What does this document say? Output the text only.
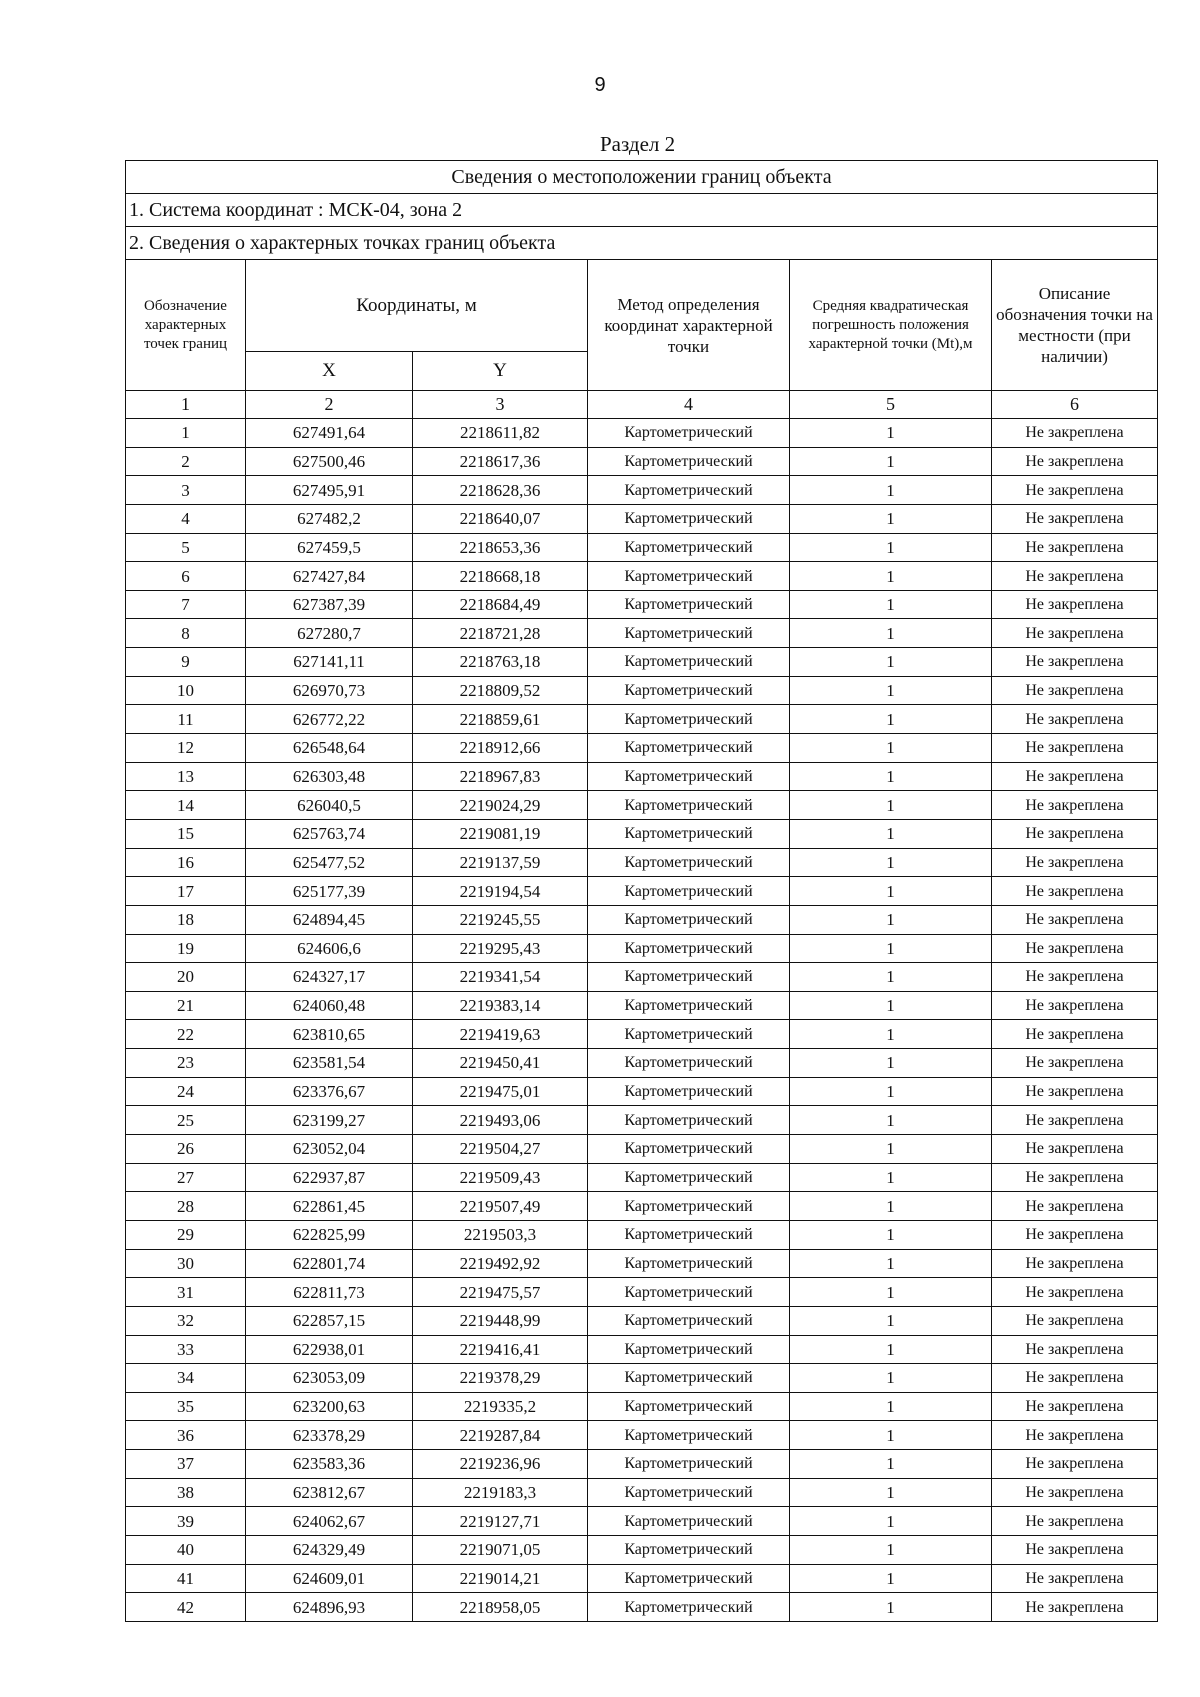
9
Раздел 2
Сведения о местоположении границ объекта					
1. Система координат : МСК-04, зона 2					
2. Сведения о характерных точках границ объекта					
Обозначение характерных точек границ	Координаты, м		Метод определения координат характерной точки	Средняя квадратическая погрешность положения характерной точки (Mt),м	Описание обозначения точки на местности (при наличии)
	X	Y			
1	2	3	4	5	6
1	627491,64	2218611,82	Картометрический	1	Не закреплена
2	627500,46	2218617,36	Картометрический	1	Не закреплена
3	627495,91	2218628,36	Картометрический	1	Не закреплена
4	627482,2	2218640,07	Картометрический	1	Не закреплена
5	627459,5	2218653,36	Картометрический	1	Не закреплена
6	627427,84	2218668,18	Картометрический	1	Не закреплена
7	627387,39	2218684,49	Картометрический	1	Не закреплена
8	627280,7	2218721,28	Картометрический	1	Не закреплена
9	627141,11	2218763,18	Картометрический	1	Не закреплена
10	626970,73	2218809,52	Картометрический	1	Не закреплена
11	626772,22	2218859,61	Картометрический	1	Не закреплена
12	626548,64	2218912,66	Картометрический	1	Не закреплена
13	626303,48	2218967,83	Картометрический	1	Не закреплена
14	626040,5	2219024,29	Картометрический	1	Не закреплена
15	625763,74	2219081,19	Картометрический	1	Не закреплена
16	625477,52	2219137,59	Картометрический	1	Не закреплена
17	625177,39	2219194,54	Картометрический	1	Не закреплена
18	624894,45	2219245,55	Картометрический	1	Не закреплена
19	624606,6	2219295,43	Картометрический	1	Не закреплена
20	624327,17	2219341,54	Картометрический	1	Не закреплена
21	624060,48	2219383,14	Картометрический	1	Не закреплена
22	623810,65	2219419,63	Картометрический	1	Не закреплена
23	623581,54	2219450,41	Картометрический	1	Не закреплена
24	623376,67	2219475,01	Картометрический	1	Не закреплена
25	623199,27	2219493,06	Картометрический	1	Не закреплена
26	623052,04	2219504,27	Картометрический	1	Не закреплена
27	622937,87	2219509,43	Картометрический	1	Не закреплена
28	622861,45	2219507,49	Картометрический	1	Не закреплена
29	622825,99	2219503,3	Картометрический	1	Не закреплена
30	622801,74	2219492,92	Картометрический	1	Не закреплена
31	622811,73	2219475,57	Картометрический	1	Не закреплена
32	622857,15	2219448,99	Картометрический	1	Не закреплена
33	622938,01	2219416,41	Картометрический	1	Не закреплена
34	623053,09	2219378,29	Картометрический	1	Не закреплена
35	623200,63	2219335,2	Картометрический	1	Не закреплена
36	623378,29	2219287,84	Картометрический	1	Не закреплена
37	623583,36	2219236,96	Картометрический	1	Не закреплена
38	623812,67	2219183,3	Картометрический	1	Не закреплена
39	624062,67	2219127,71	Картометрический	1	Не закреплена
40	624329,49	2219071,05	Картометрический	1	Не закреплена
41	624609,01	2219014,21	Картометрический	1	Не закреплена
42	624896,93	2218958,05	Картометрический	1	Не закреплена
